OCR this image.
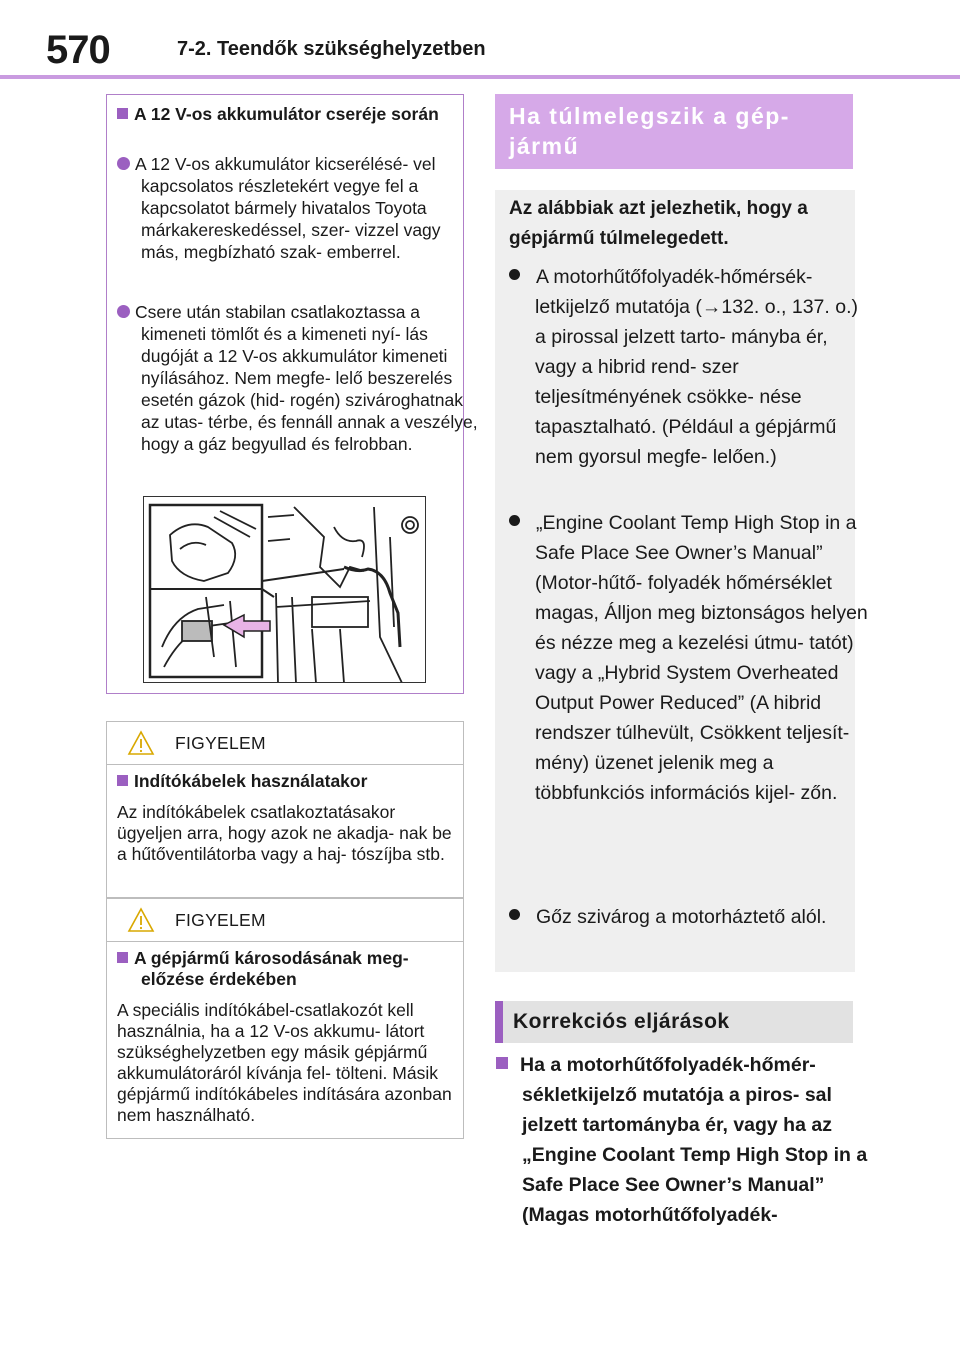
570	7-2. Teendők szükséghelyzetben
A 12 V-os akkumulátor cseréje során
A 12 V-os akkumulátor kicserélésé- vel kapcsolatos részletekért vegye fel a kapcsolatot bármely hivatalos Toyota márkakereskedéssel, szer- vizzel vagy más, megbízható szak- emberrel.
Csere után stabilan csatlakoztassa a kimeneti tömlőt és a kimeneti nyí- lás dugóját a 12 V-os akkumulátor kimeneti nyílásához. Nem megfe- lelő beszerelés esetén gázok (hid- rogén) szivároghatnak az utas- térbe, és fennáll annak a veszélye, hogy a gáz begyullad és felrobban.
FIGYELEM
Indítókábelek használatakor
Az indítókábelek csatlakoztatásakor ügyeljen arra, hogy azok ne akadja- nak be a hűtőventilátorba vagy a haj- tószíjba stb.
FIGYELEM
A gépjármű károsodásának meg- előzése érdekében
A speciális indítókábel-csatlakozót kell használnia, ha a 12 V-os akkumu- látort szükséghelyzetben egy másik gépjármű akkumulátoráról kívánja fel- tölteni. Másik gépjármű indítókábeles indítására azonban nem használható.
Ha túlmelegszik a gép- jármű
Az alábbiak azt jelezhetik, hogy a gépjármű túlmelegedett.
A motorhűtőfolyadék-hőmérsék- letkijelző mutatója (→132. o., 137. o.) a pirossal jelzett tarto- mányba ér, vagy a hibrid rend- szer teljesítményének csökke- nése tapasztalható. (Például a gépjármű nem gyorsul megfe- lelően.)
„Engine Coolant Temp High Stop in a Safe Place See Owner’s Manual” (Motor-hűtő- folyadék hőmérséklet magas, Álljon meg biztonságos helyen és nézze meg a kezelési útmu- tatót) vagy a „Hybrid System Overheated Output Power Reduced” (A hibrid rendszer túlhevült, Csökkent teljesít- mény) üzenet jelenik meg a többfunkciós információs kijel- zőn.
Gőz szivárog a motorháztető alól.
Korrekciós eljárások
Ha a motorhűtőfolyadék-hőmér- sékletkijelző mutatója a piros- sal jelzett tartományba ér, vagy ha az „Engine Coolant Temp High Stop in a Safe Place See Owner’s Manual” (Magas motorhűtőfolyadék-
